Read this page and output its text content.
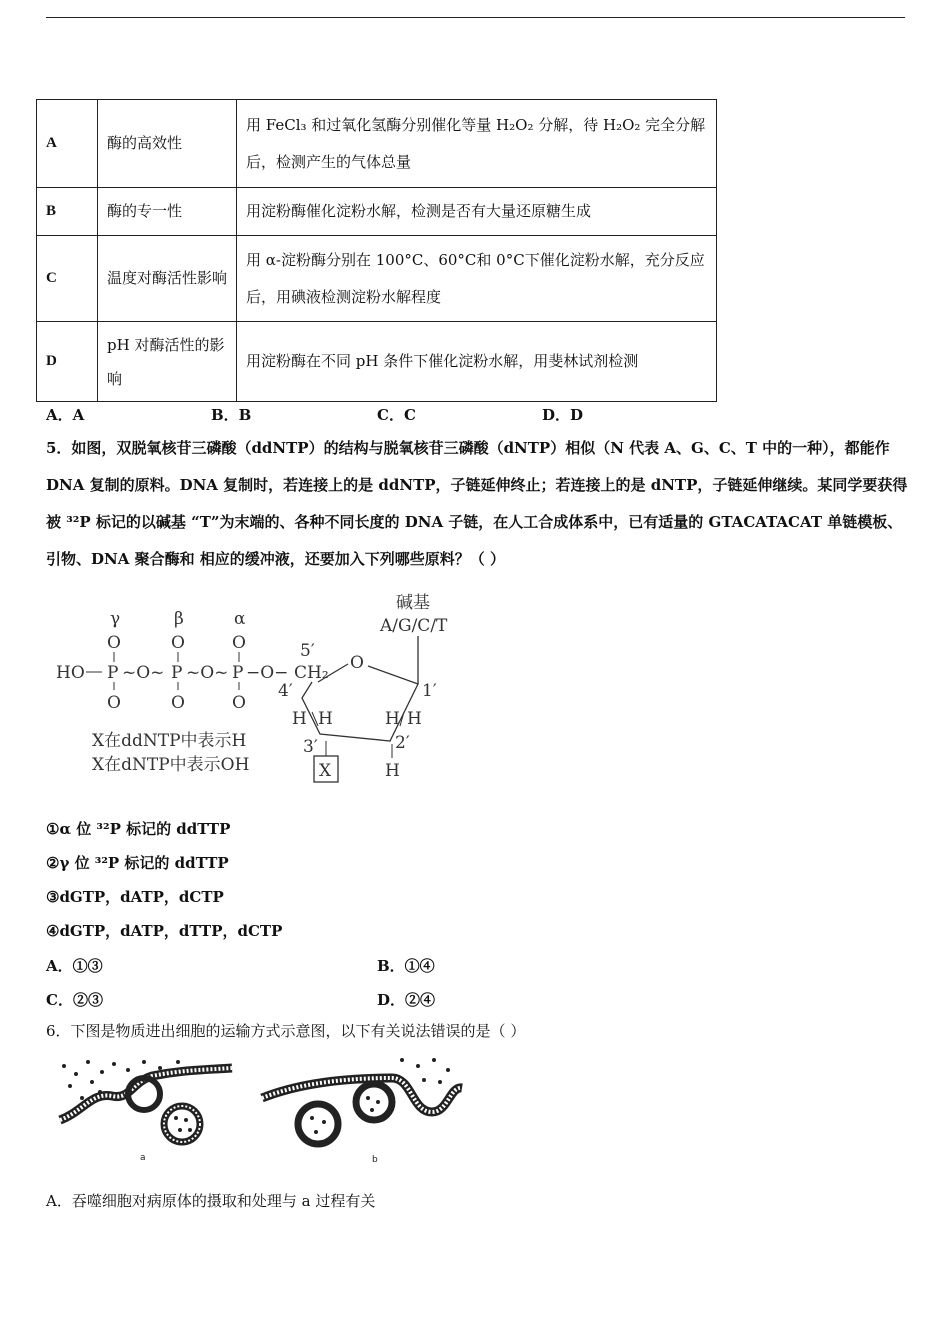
A	酶的高效性	用 FeCl₃ 和过氧化氢酶分别催化等量 H₂O₂ 分解，待 H₂O₂ 完全分解后，检测产生的气体总量
B	酶的专一性	用淀粉酶催化淀粉水解，检测是否有大量还原糖生成
C	温度对酶活性影响	用 α-淀粉酶分别在 100°C、60°C和 0°C下催化淀粉水解，充分反应后，用碘液检测淀粉水解程度
D	pH 对酶活性的影响	用淀粉酶在不同 pH 条件下催化淀粉水解，用斐林试剂检测
A．A	B．B	C．C	D．D
5．如图，双脱氧核苷三磷酸（ddNTP）的结构与脱氧核苷三磷酸（dNTP）相似（N 代表 A、G、C、T 中的一种），都能作 DNA 复制的原料。DNA 复制时，若连接上的是 ddNTP，子链延伸终止；若连接上的是 dNTP，子链延伸继续。某同学要获得被 ³²P 标记的以碱基 “T”为末端的、各种不同长度的 DNA 子链，在人工合成体系中，已有适量的 GTACATACAT 单链模板、引物、DNA 聚合酶和 相应的缓冲液，还要加入下列哪些原料？（ ）
碱基
A/G/C/T
γ	β	α
O	O	O
HO P ~O~ P ~O~ P −O− CH₂
O	O	O
5′
O
4′	1′
H H	H H
3′	2′
X	H
X在ddNTP中表示H
X在dNTP中表示OH
①α 位 ³²P 标记的 ddTTP
②γ 位 ³²P 标记的 ddTTP
③dGTP，dATP，dCTP
④dGTP，dATP，dTTP，dCTP
A．①③	B．①④
C．②③	D．②④
6．下图是物质进出细胞的运输方式示意图，以下有关说法错误的是（ ）
a	b
A．吞噬细胞对病原体的摄取和处理与 a 过程有关
